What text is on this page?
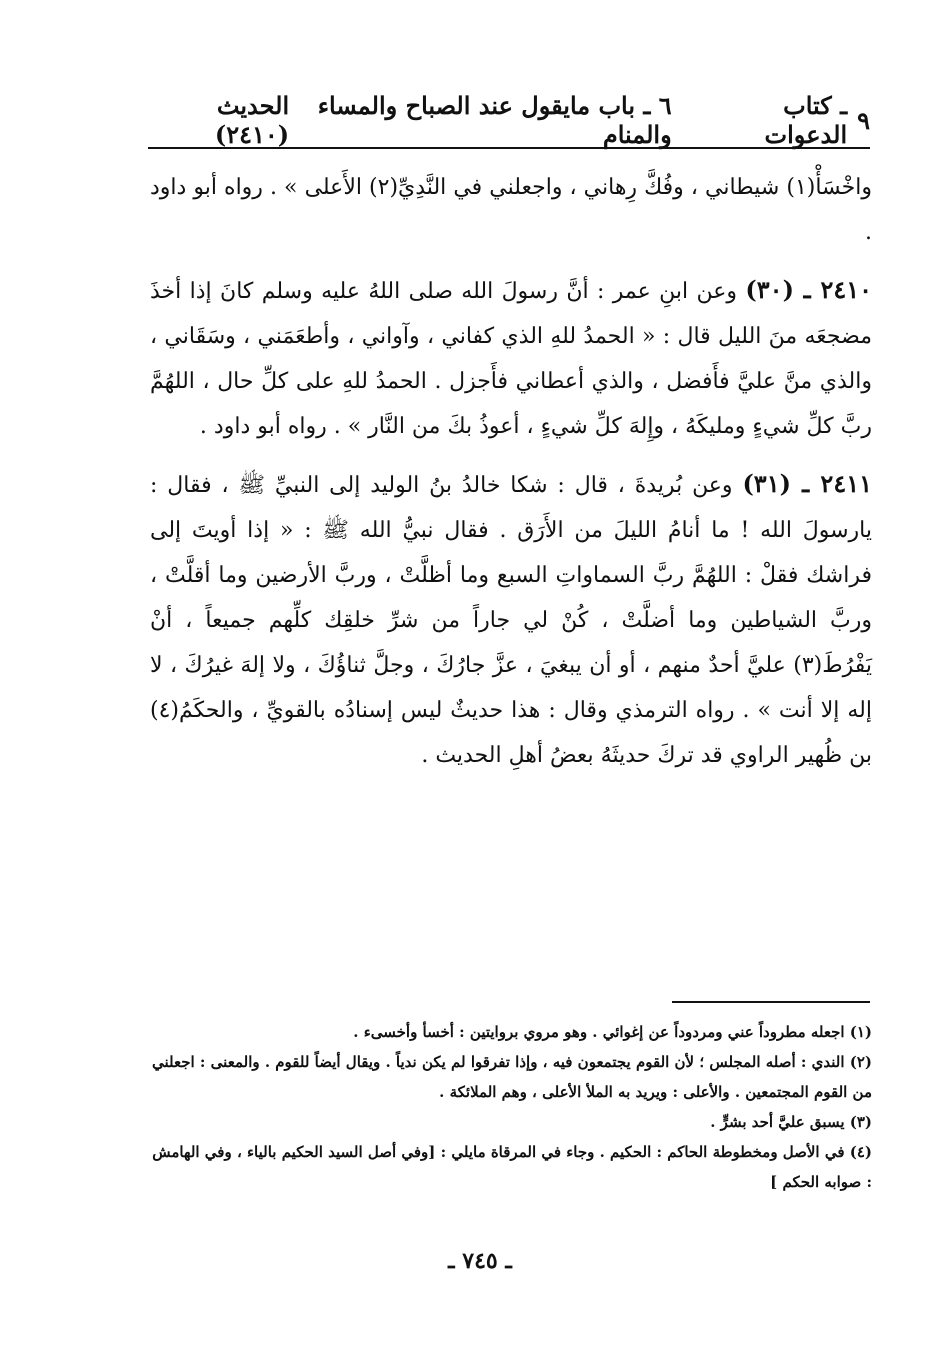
٩
ـ كتاب الدعوات
٦ ـ باب مايقول عند الصباح والمساء والمنام
الحديث (٢٤١٠)

واخْسَأْ(١) شيطاني ، وفُكَّ رِهاني ، واجعلني في النَّدِيِّ(٢) الأَعلى » . رواه أبو داود .

٢٤١٠ ـ (٣٠) وعن ابنِ عمر : أنَّ رسولَ الله صلى اللهُ عليه وسلم كانَ إذا أخذَ مضجعَه منَ الليل قال : « الحمدُ للهِ الذي كفاني ، وآواني ، وأطعَمَني ، وسَقَاني ، والذي منَّ عليَّ فأَفضل ، والذي أعطاني فأَجزل . الحمدُ للهِ على كلِّ حال ، اللهُمَّ ربَّ كلِّ شيءٍ ومليكَهُ ، وإِلهَ كلِّ شيءٍ ، أعوذُ بكَ من النَّار » . رواه أبو داود .

٢٤١١ ـ (٣١) وعن بُريدةَ ، قال : شكا خالدُ بنُ الوليد إلى النبيِّ ﷺ ، فقال : يارسولَ الله ! ما أنامُ الليلَ من الأَرَق . فقال نبيُّ الله ﷺ : « إذا أويتَ إلى فراشك فقلْ : اللهُمَّ ربَّ السماواتِ السبع وما أظلَّتْ ، وربَّ الأرضين وما أقلَّتْ ، وربَّ الشياطين وما أضلَّتْ ، كُنْ لي جاراً من شرِّ خلقِك كلِّهم جميعاً ، أنْ يَفْرُطَ(٣) عليَّ أحدٌ منهم ، أو أن يبغيَ ، عزَّ جارُكَ ، وجلَّ ثناؤُكَ ، ولا إلهَ غيرُكَ ، لا إله إلا أنت » . رواه الترمذي وقال : هذا حديثٌ ليس إسنادُه بالقويِّ ، والحكَمُ(٤) بن ظُهير الراوي قد تركَ حديثَهُ بعضُ أهلِ الحديث .

(١) اجعله مطروداً عني ومردوداً عن إغوائي . وهو مروي بروايتين : أخسأ وأخسىء .

(٢) الندي : أصله المجلس ؛ لأن القوم يجتمعون فيه ، وإذا تفرقوا لم يكن ندياً . ويقال أيضاً للقوم . والمعنى : اجعلني من القوم المجتمعين . والأعلى : ويريد به الملأ الأعلى ، وهم الملائكة .

(٣) يسبق عليَّ أحد بشرٍّ .

(٤) في الأصل ومخطوطة الحاكم : الحكيم . وجاء في المرقاة مايلي : [وفي أصل السيد الحكيم بالياء ، وفي الهامش : صوابه الحكم ]

ـ ٧٤٥ ـ
